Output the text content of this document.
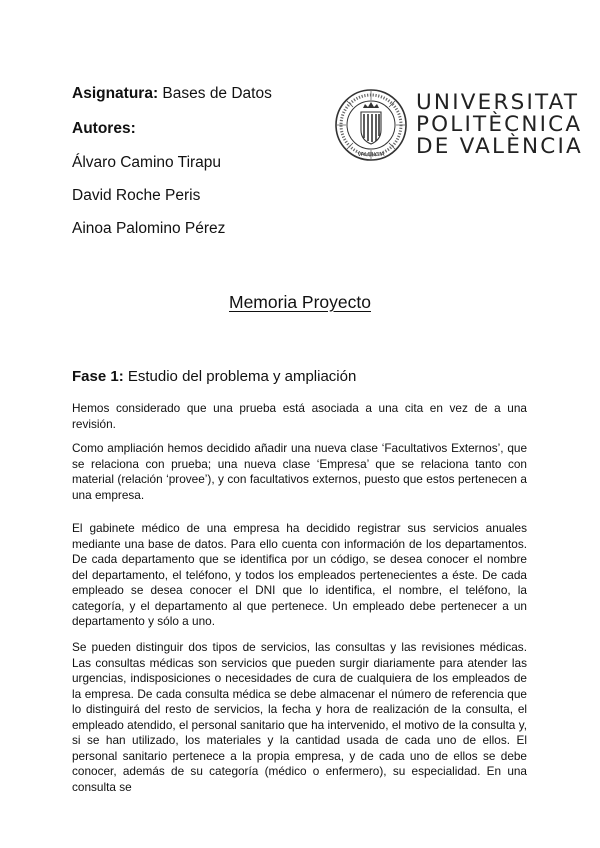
Asignatura: Bases de Datos
Autores:
Álvaro Camino Tirapu
David Roche Peris
Ainoa Palomino Pérez
VALENCIA
UNIVERSITAT
POLITÈCNICA
DE VALÈNCIA
Memoria Proyecto
Fase 1: Estudio del problema y ampliación

Hemos considerado que una prueba está asociada a una cita en vez de a una revisión.

Como ampliación hemos decidido añadir una nueva clase ‘Facultativos Externos’, que se relaciona con prueba; una nueva clase ‘Empresa’ que se relaciona tanto con material (relación ‘provee’), y con facultativos externos, puesto que estos pertenecen a una empresa.

El gabinete médico de una empresa ha decidido registrar sus servicios anuales mediante una base de datos. Para ello cuenta con información de los departamentos. De cada departamento que se identifica por un código, se desea conocer el nombre del departamento, el teléfono, y todos los empleados pertenecientes a éste. De cada empleado se desea conocer el DNI que lo identifica, el nombre, el teléfono, la categoría, y el departamento al que pertenece. Un empleado debe pertenecer a un departamento y sólo a uno.

Se pueden distinguir dos tipos de servicios, las consultas y las revisiones médicas. Las consultas médicas son servicios que pueden surgir diariamente para atender las urgencias, indisposiciones o necesidades de cura de cualquiera de los empleados de la empresa. De cada consulta médica se debe almacenar el número de referencia que lo distinguirá del resto de servicios, la fecha y hora de realización de la consulta, el empleado atendido, el personal sanitario que ha intervenido, el motivo de la consulta y, si se han utilizado, los materiales y la cantidad usada de cada uno de ellos. El personal sanitario pertenece a la propia empresa, y de cada uno de ellos se debe conocer, además de su categoría (médico o enfermero), su especialidad. En una consulta se
